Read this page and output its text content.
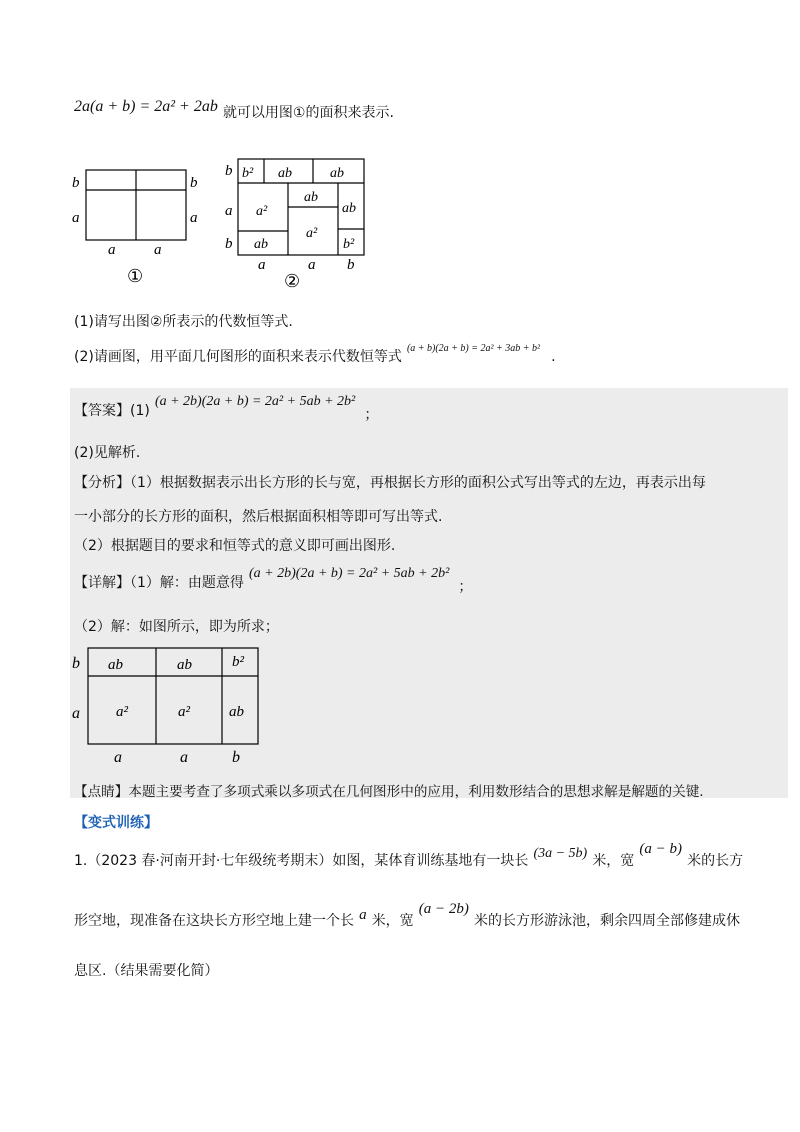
2a(a + b) = 2a² + 2ab 就可以用图①的面积来表示.
b
a
b
a
a	a
①
b² ab	ab
a²
ab
a²
ab
b²
ab
b
a
b
a	a b
②
(1)请写出图②所表示的代数恒等式.
(2)请画图，用平面几何图形的面积来表示代数恒等式 (a + b)(2a + b) = 2a² + 3ab + b² .
【答案】(1) (a + 2b)(2a + b) = 2a² + 5ab + 2b² ；
(2)见解析.
【分析】（1）根据数据表示出长方形的长与宽，再根据长方形的面积公式写出等式的左边，再表示出每
一小部分的长方形的面积，然后根据面积相等即可写出等式.
（2）根据题目的要求和恒等式的意义即可画出图形.
【详解】（1）解：由题意得 (a + 2b)(2a + b) = 2a² + 5ab + 2b² ；
（2）解：如图所示，即为所求；
ab	ab	b²
a²	a²	ab
b
a
a	a	b
【点睛】本题主要考查了多项式乘以多项式在几何图形中的应用，利用数形结合的思想求解是解题的关键.
【变式训练】
1.（2023 春·河南开封·七年级统考期末）如图，某体育训练基地有一块长 (3a − 5b) 米，宽 (a − b) 米的长方
形空地，现准备在这块长方形空地上建一个长 a 米，宽 (a − 2b) 米的长方形游泳池，剩余四周全部修建成休
息区.（结果需要化简）
